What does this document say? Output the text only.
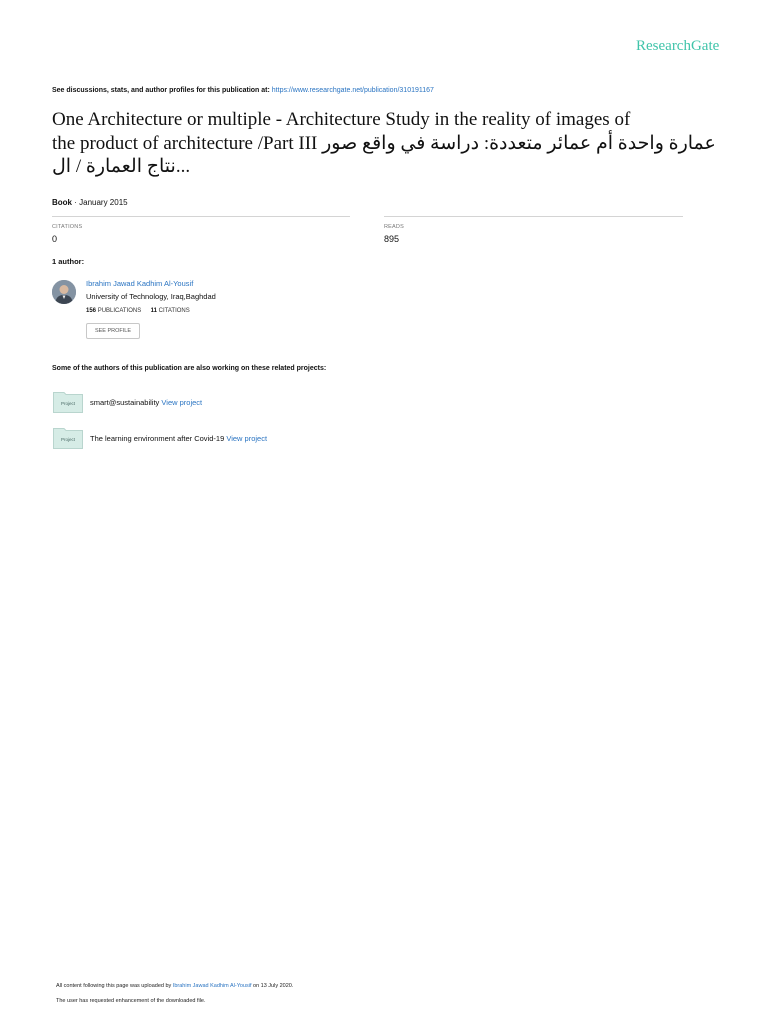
ResearchGate
See discussions, stats, and author profiles for this publication at: https://www.researchgate.net/publication/310191167
One Architecture or multiple - Architecture Study in the reality of images of
the product of architecture /Part III عمارة واحدة أم عمائر متعددة: دراسة في واقع صور
نتاج العمارة / ال...
Book · January 2015
CITATIONS
0
READS
895
1 author:
Ibrahim Jawad Kadhim Al-Yousif
University of Technology, Iraq,Baghdad
156 PUBLICATIONS 11 CITATIONS
SEE PROFILE
Some of the authors of this publication are also working on these related projects:
Project	smart@sustainability View project
Project	The learning environment after Covid-19 View project
All content following this page was uploaded by Ibrahim Jawad Kadhim Al-Yousif on 13 July 2020.
The user has requested enhancement of the downloaded file.
